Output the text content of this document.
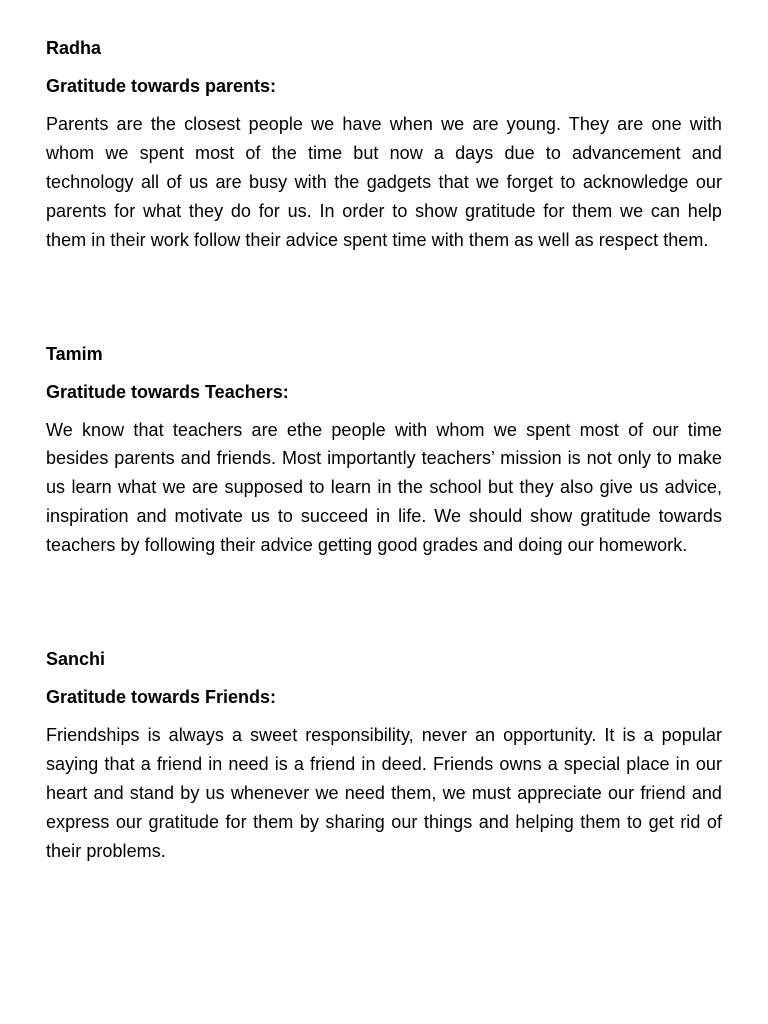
Radha

Gratitude towards parents:

Parents are the closest people we have when we are young. They are one with whom we spent most of the time but now a days due to advancement and technology all of us are busy with the gadgets that we forget to acknowledge our parents for what they do for us. In order to show gratitude for them we can help them in their work follow their advice spent time with them as well as respect them.

Tamim

Gratitude towards Teachers:

We know that teachers are ethe people with whom we spent most of our time besides parents and friends. Most importantly teachers’ mission is not only to make us learn what we are supposed to learn in the school but they also give us advice, inspiration and motivate us to succeed in life. We should show gratitude towards teachers by following their advice getting good grades and doing our homework.

Sanchi

Gratitude towards Friends:

Friendships is always a sweet responsibility, never an opportunity. It is a popular saying that a friend in need is a friend in deed. Friends owns a special place in our heart and stand by us whenever we need them, we must appreciate our friend and express our gratitude for them by sharing our things and helping them to get rid of their problems.
